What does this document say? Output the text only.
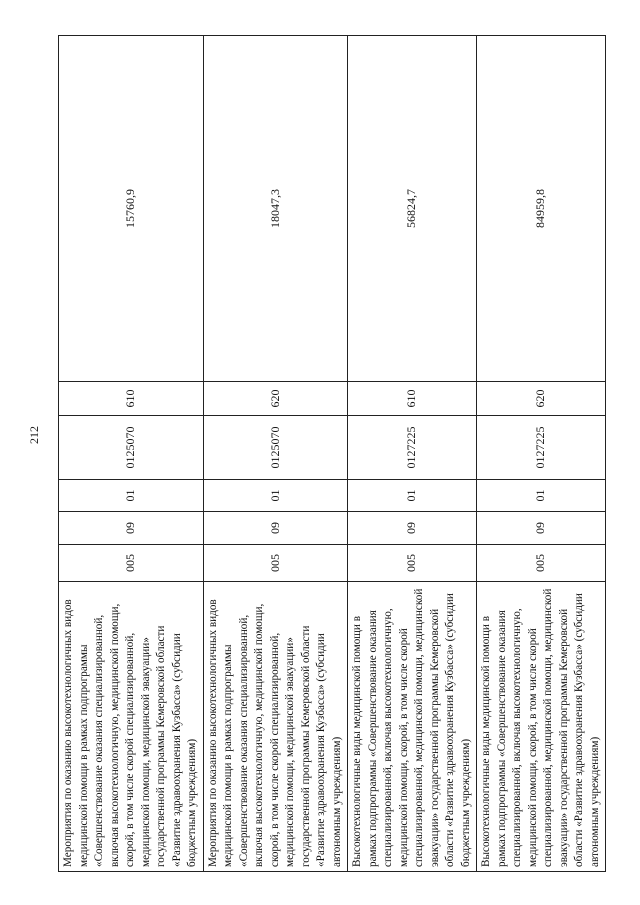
212
Мероприятия по оказанию высокотехнологичных видов медицинской помощи в рамках подпрограммы «Совершенствование оказания специализированной, включая высокотехнологичную, медицинской помощи, скорой, в том числе скорой специализированной, медицинской помощи, медицинской эвакуации» государственной программы Кемеровской области «Развитие здравоохранения Кузбасса» (субсидии бюджетным учреждениям)	005	09	01	0125070	610	15760,9
Мероприятия по оказанию высокотехнологичных видов медицинской помощи в рамках подпрограммы «Совершенствование оказания специализированной, включая высокотехнологичную, медицинской помощи, скорой, в том числе скорой специализированной, медицинской помощи, медицинской эвакуации» государственной программы Кемеровской области «Развитие здравоохранения Кузбасса» (субсидии автономным учреждениям)	005	09	01	0125070	620	18047,3
Высокотехнологичные виды медицинской помощи в рамках подпрограммы «Совершенствование оказания специализированной, включая высокотехнологичную, медицинской помощи, скорой, в том числе скорой специализированной, медицинской помощи, медицинской эвакуации» государственной программы Кемеровской области «Развитие здравоохранения Кузбасса» (субсидии бюджетным учреждениям)	005	09	01	0127225	610	56824,7
Высокотехнологичные виды медицинской помощи в рамках подпрограммы «Совершенствование оказания специализированной, включая высокотехнологичную, медицинской помощи, скорой, в том числе скорой специализированной, медицинской помощи, медицинской эвакуации» государственной программы Кемеровской области «Развитие здравоохранения Кузбасса» (субсидии автономным учреждениям)	005	09	01	0127225	620	84959,8
